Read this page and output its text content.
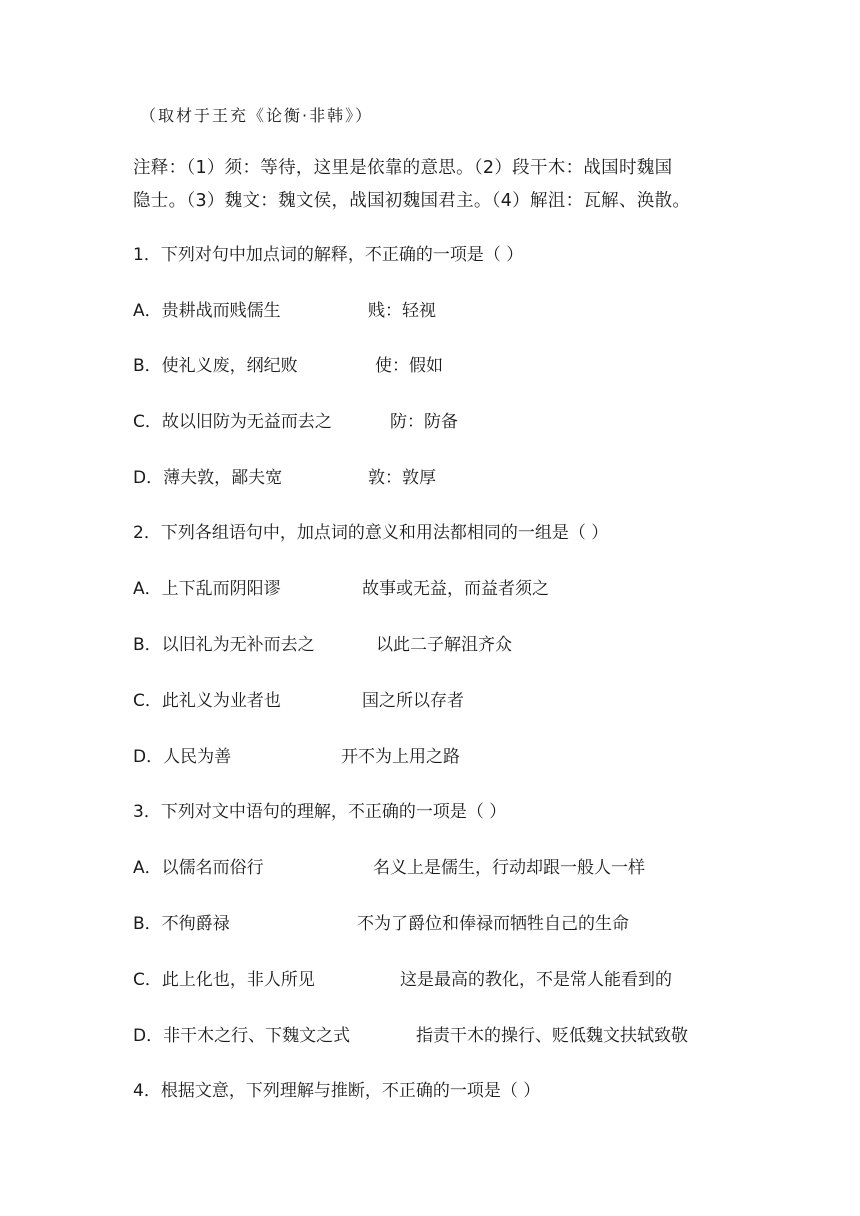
（取材于王充《论衡·非韩》）
注释：（1）须：等待，这里是依靠的意思。（2）段干木：战国时魏国
隐士。（3）魏文：魏文侯，战国初魏国君主。（4）解沮：瓦解、涣散。
1．下列对句中加点词的解释，不正确的一项是（ ）
A．贵耕战而贱儒生	贱：轻视
B．使礼义废，纲纪败	使：假如
C．故以旧防为无益而去之	防：防备
D．薄夫敦，鄙夫宽	敦：敦厚
2．下列各组语句中，加点词的意义和用法都相同的一组是（ ）
A．上下乱而阴阳谬	故事或无益，而益者须之
B．以旧礼为无补而去之	以此二子解沮齐众
C．此礼义为业者也	国之所以存者
D．人民为善	开不为上用之路
3．下列对文中语句的理解，不正确的一项是（ ）
A．以儒名而俗行	名义上是儒生，行动却跟一般人一样
B．不徇爵禄	不为了爵位和俸禄而牺牲自己的生命
C．此上化也，非人所见	这是最高的教化，不是常人能看到的
D．非干木之行、下魏文之式	指责干木的操行、贬低魏文扶轼致敬
4．根据文意，下列理解与推断，不正确的一项是（ ）
